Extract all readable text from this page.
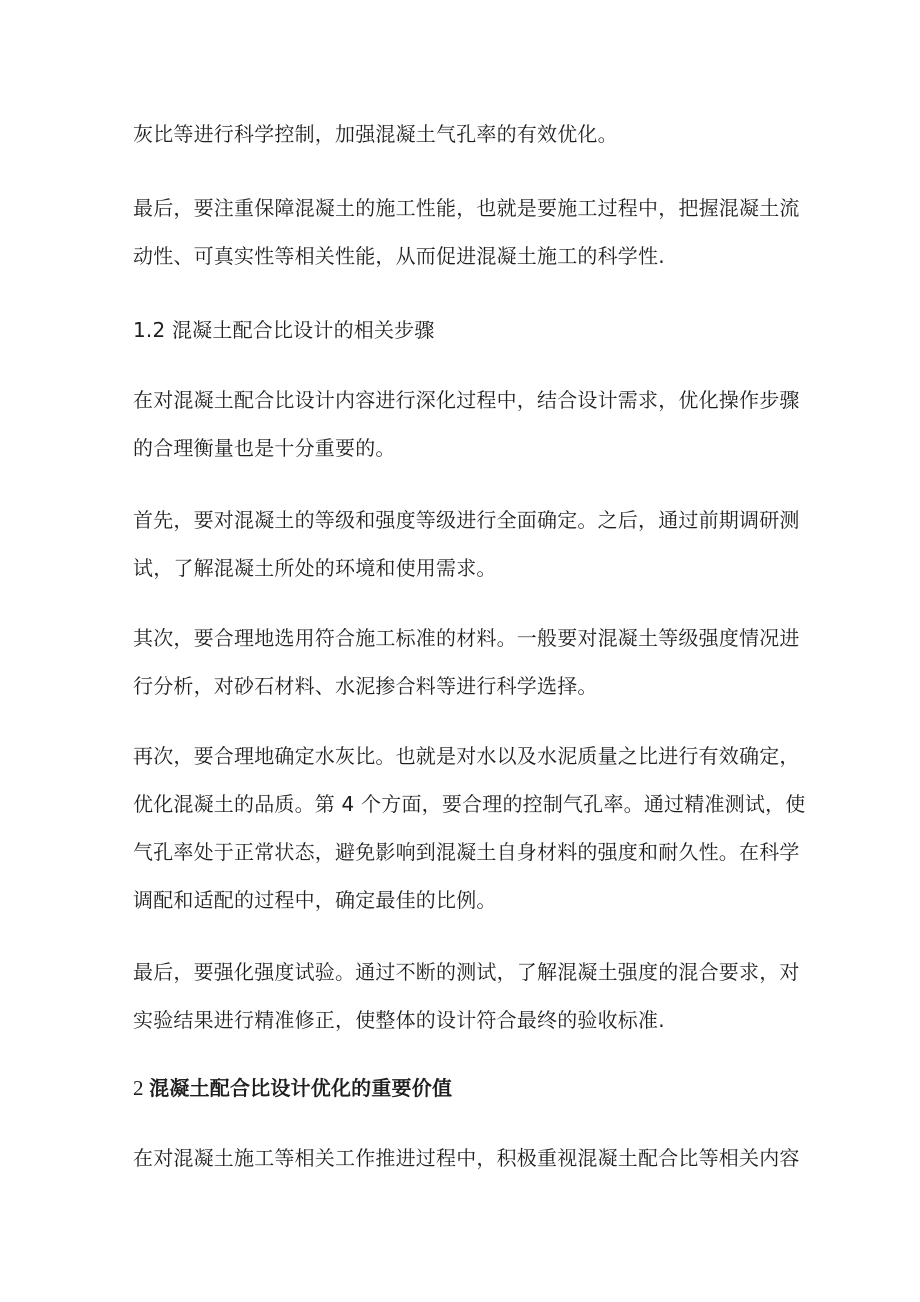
灰比等进行科学控制，加强混凝土气孔率的有效优化。
最后，要注重保障混凝土的施工性能，也就是要施工过程中，把握混凝土流
动性、可真实性等相关性能，从而促进混凝土施工的科学性.
1.2 混凝土配合比设计的相关步骤
在对混凝土配合比设计内容进行深化过程中，结合设计需求，优化操作步骤
的合理衡量也是十分重要的。
首先，要对混凝土的等级和强度等级进行全面确定。之后，通过前期调研测
试，了解混凝土所处的环境和使用需求。
其次，要合理地选用符合施工标准的材料。一般要对混凝土等级强度情况进
行分析，对砂石材料、水泥掺合料等进行科学选择。
再次，要合理地确定水灰比。也就是对水以及水泥质量之比进行有效确定，
优化混凝土的品质。第 4 个方面，要合理的控制气孔率。通过精准测试，使
气孔率处于正常状态，避免影响到混凝土自身材料的强度和耐久性。在科学
调配和适配的过程中，确定最佳的比例。
最后，要强化强度试验。通过不断的测试，了解混凝土强度的混合要求，对
实验结果进行精准修正，使整体的设计符合最终的验收标准.
2 混凝土配合比设计优化的重要价值
在对混凝土施工等相关工作推进过程中，积极重视混凝土配合比等相关内容
